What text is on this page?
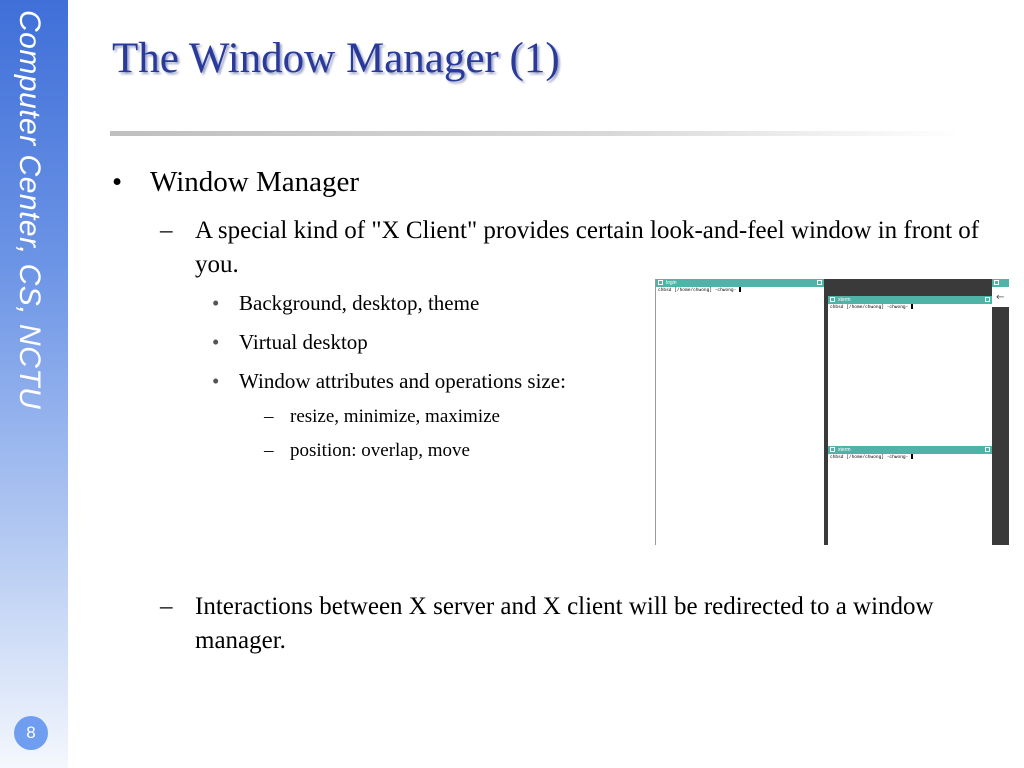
Computer Center, CS, NCTU
8
The Window Manager (1)
• Window Manager
– A special kind of "X Client" provides certain look-and-feel window in front of you.
• Background, desktop, theme
• Virtual desktop
• Window attributes and operations size:
– resize, minimize, maximize
– position: overlap, move
– Interactions between X server and X client will be redirected to a window manager.
login
chbsd [/home/chwong] -chwong-
xterm
chbsd [/home/chwong] -chwong-
xterm
chbsd [/home/chwong] -chwong-
←
